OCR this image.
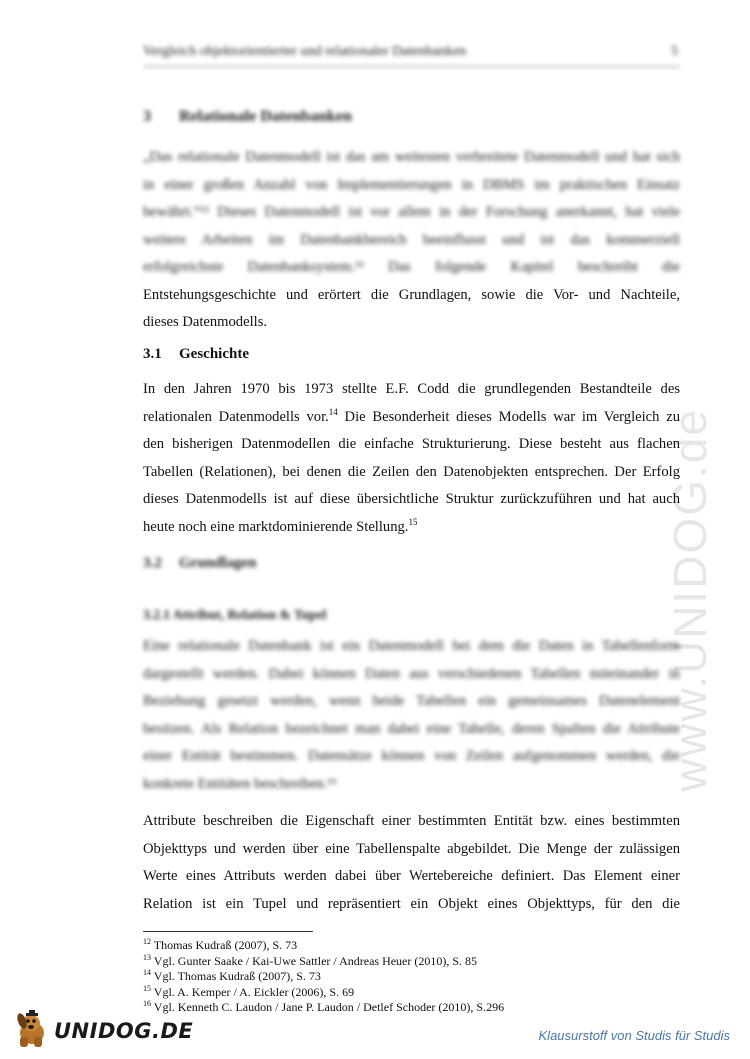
www.UNIDOG.de
Vergleich objektorientierter und relationaler Datenbanken	5
3 Relationale Datenbanken
„Das relationale Datenmodell ist das am weitesten verbreitete Datenmodell und hat sich
in einer großen Anzahl von Implementierungen in DBMS im praktischen Einsatz
bewährt.“¹² Dieses Datenmodell ist vor allem in der Forschung anerkannt, hat viele
weitere Arbeiten im Datenbankbereich beeinflusst und ist das kommerziell
erfolgreichste Datenbanksystem.¹³ Das folgende Kapitel beschreibt die
Entstehungsgeschichte und erörtert die Grundlagen, sowie die Vor- und Nachteile,
dieses Datenmodells.
3.1 Geschichte
In den Jahren 1970 bis 1973 stellte E.F. Codd die grundlegenden Bestandteile des
relationalen Datenmodells vor.$^{14}$ Die Besonderheit dieses Modells war im Vergleich zu
den bisherigen Datenmodellen die einfache Strukturierung. Diese besteht aus flachen
Tabellen (Relationen), bei denen die Zeilen den Datenobjekten entsprechen. Der Erfolg
dieses Datenmodells ist auf diese übersichtliche Struktur zurückzuführen und hat auch
heute noch eine marktdominierende Stellung.$^{15}$
3.2 Grundlagen
3.2.1 Attribut, Relation & Tupel
Eine relationale Datenbank ist ein Datenmodell bei dem die Daten in Tabellenform
dargestellt werden. Dabei können Daten aus verschiedenen Tabellen miteinander in
Beziehung gesetzt werden, wenn beide Tabellen ein gemeinsames Datenelement
besitzen. Als Relation bezeichnet man dabei eine Tabelle, deren Spalten die Attribute
einer Entität bestimmen. Datensätze können von Zeilen aufgenommen werden, die
konkrete Entitäten beschreiben.¹⁶
Attribute beschreiben die Eigenschaft einer bestimmten Entität bzw. eines bestimmten
Objekttyps und werden über eine Tabellenspalte abgebildet. Die Menge der zulässigen
Werte eines Attributs werden dabei über Wertebereiche definiert. Das Element einer
Relation ist ein Tupel und repräsentiert ein Objekt eines Objekttyps, für den die
$^{12}$ Thomas Kudraß (2007), S. 73
$^{13}$ Vgl. Gunter Saake / Kai-Uwe Sattler / Andreas Heuer (2010), S. 85
$^{14}$ Vgl. Thomas Kudraß (2007), S. 73
$^{15}$ Vgl. A. Kemper / A. Eickler (2006), S. 69
$^{16}$ Vgl. Kenneth C. Laudon / Jane P. Laudon / Detlef Schoder (2010), S.296
UNIDOG.DE	Klausurstoff von Studis für Studis
